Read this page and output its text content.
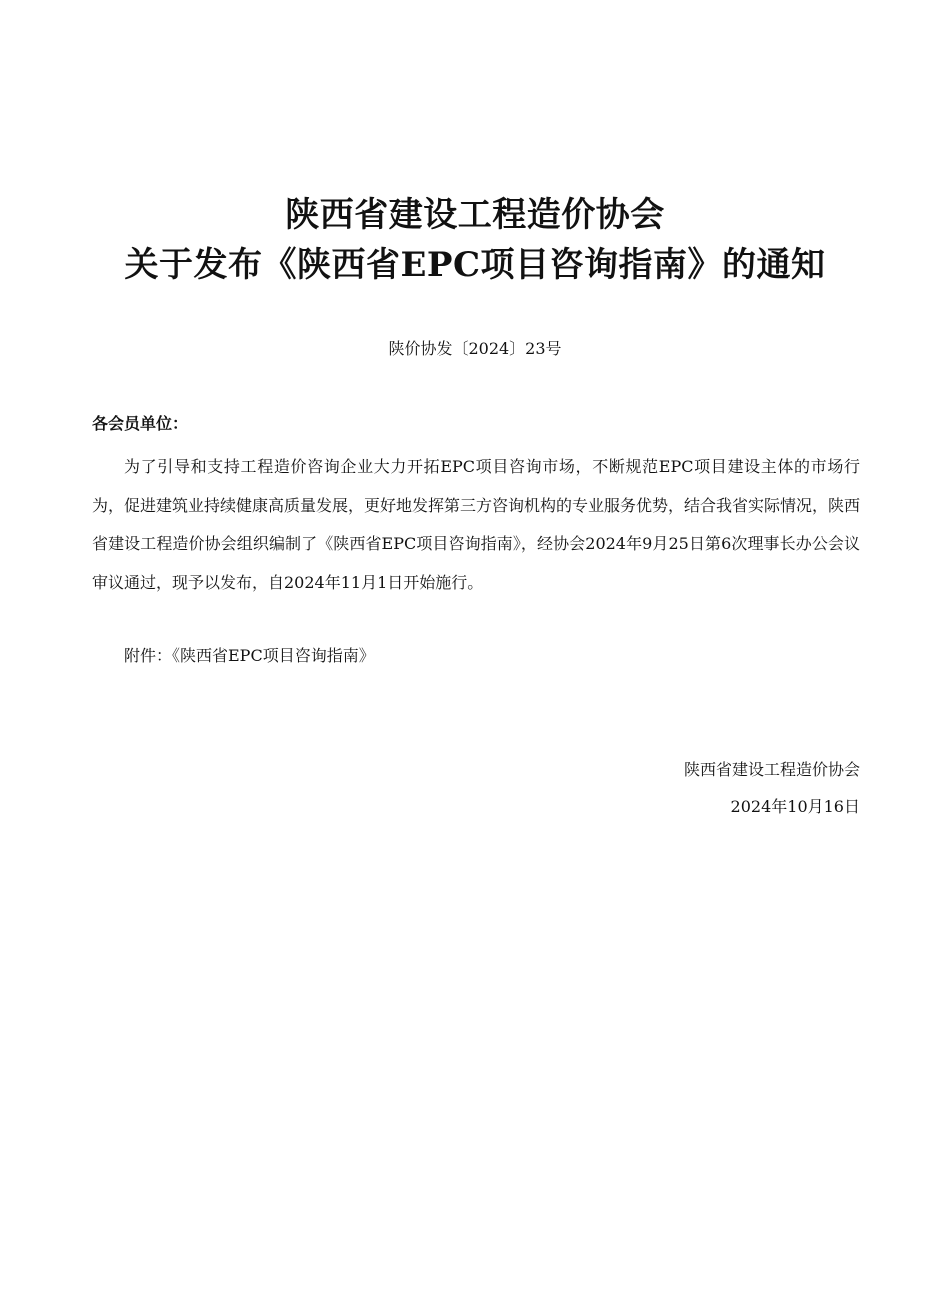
陕西省建设工程造价协会
关于发布《陕西省EPC项目咨询指南》的通知
陕价协发〔2024〕23号
各会员单位：

为了引导和支持工程造价咨询企业大力开拓EPC项目咨询市场，不断规范EPC项目建设主体的市场行为，促进建筑业持续健康高质量发展，更好地发挥第三方咨询机构的专业服务优势，结合我省实际情况，陕西省建设工程造价协会组织编制了《陕西省EPC项目咨询指南》，经协会2024年9月25日第6次理事长办公会议审议通过，现予以发布，自2024年11月1日开始施行。

附件：《陕西省EPC项目咨询指南》

陕西省建设工程造价协会
2024年10月16日
